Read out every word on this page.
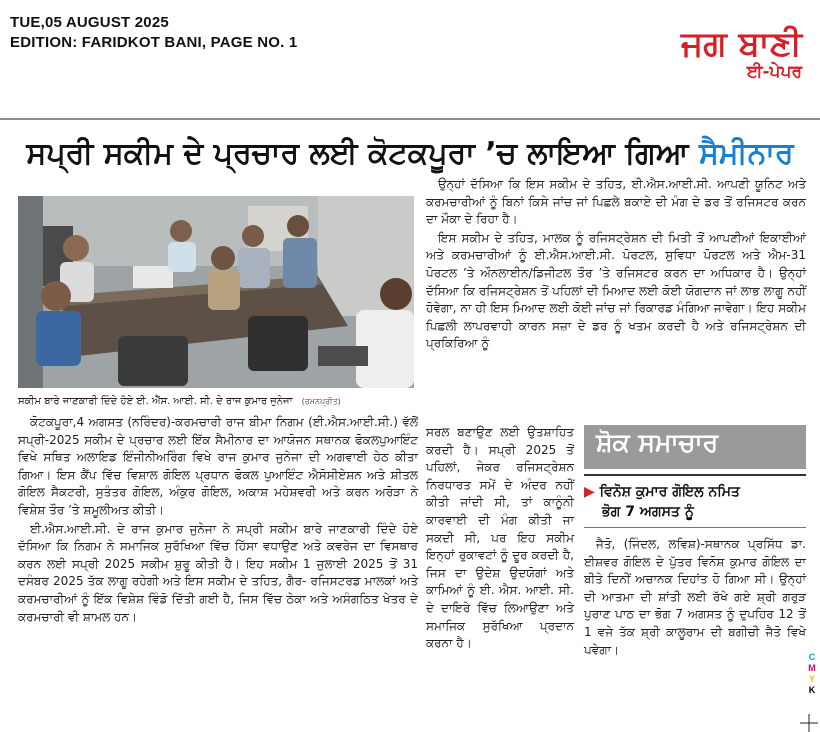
TUE,05 AUGUST 2025
EDITION: FARIDKOT BANI, PAGE NO. 1	ਜਗ ਬਾਣੀ
ਈ-ਪੇਪਰ
ਸਪ੍ਰੀ ਸਕੀਮ ਦੇ ਪ੍ਰਚਾਰ ਲਈ ਕੋਟਕਪੂਰਾ ’ਚ ਲਾਇਆ ਗਿਆ ਸੈਮੀਨਾਰ
ਸਕੀਮ ਬਾਰੇ ਜਾਣਕਾਰੀ ਦਿੰਦੇ ਹੋਏ ਈ. ਐੱਸ. ਆਈ. ਸੀ. ਦੇ ਰਾਜ ਕੁਮਾਰ ਜੁਨੇਜਾ (ਰਮਨਪ੍ਰੀਤ)

ਕੋਟਕਪੂਰਾ,4 ਅਗਸਤ (ਨਰਿੰਦਰ)-ਕਰਮਚਾਰੀ ਰਾਜ ਬੀਮਾ ਨਿਗਮ (ਈ.ਐਸ.ਆਈ.ਸੀ.) ਵੱਲੋਂ ਸਪ੍ਰੀ-2025 ਸਕੀਮ ਦੇ ਪ੍ਰਚਾਰ ਲਈ ਇੱਕ ਸੈਮੀਨਾਰ ਦਾ ਆਯੋਜਨ ਸਥਾਨਕ ਫੋਕਲਪੁਆਇੰਟ ਵਿਖੇ ਸਥਿਤ ਅਲਾਇਡ ਇੰਜੀਨੀਅਰਿੰਗ ਵਿਖੇ ਰਾਜ ਕੁਮਾਰ ਜੁਨੇਜਾ ਦੀ ਅਗਵਾਈ ਹੇਠ ਕੀਤਾ ਗਿਆ। ਇਸ ਕੈਂਪ ਵਿੱਚ ਵਿਸ਼ਾਲ ਗੋਇਲ ਪ੍ਰਧਾਨ ਫੋਕਲ ਪੁਆਇੰਟ ਐਸੋਸੀਏਸ਼ਨ ਅਤੇ ਸ਼ੀਤਲ ਗੋਇਲ ਸੈਕਟਰੀ, ਸੁਤੰਤਰ ਗੋਇਲ, ਅੰਕੁਰ ਗੋਇਲ, ਅਕਾਸ਼ ਮਹੇਸ਼ਵਰੀ ਅਤੇ ਕਰਨ ਅਰੋੜਾ ਨੇ ਵਿਸ਼ੇਸ਼ ਤੌਰ ’ਤੇ ਸ਼ਮੂਲੀਅਤ ਕੀਤੀ।

ਈ.ਐਸ.ਆਈ.ਸੀ. ਦੇ ਰਾਜ ਕੁਮਾਰ ਜੁਨੇਜਾ ਨੇ ਸਪ੍ਰੀ ਸਕੀਮ ਬਾਰੇ ਜਾਣਕਾਰੀ ਦਿੰਦੇ ਹੋਏ ਦੱਸਿਆ ਕਿ ਨਿਗਮ ਨੇ ਸਮਾਜਿਕ ਸੁਰੱਖਿਆ ਵਿੱਚ ਹਿੱਸਾ ਵਧਾਉਣ ਅਤੇ ਕਵਰੇਜ ਦਾ ਵਿਸਥਾਰ ਕਰਨ ਲਈ ਸਪ੍ਰੀ 2025 ਸਕੀਮ ਸ਼ੁਰੂ ਕੀਤੀ ਹੈ। ਇਹ ਸਕੀਮ 1 ਜੁਲਾਈ 2025 ਤੋਂ 31 ਦਸੰਬਰ 2025 ਤੱਕ ਲਾਗੂ ਰਹੇਗੀ ਅਤੇ ਇਸ ਸਕੀਮ ਦੇ ਤਹਿਤ, ਗੈਰ- ਰਜਿਸਟਰਡ ਮਾਲਕਾਂ ਅਤੇ ਕਰਮਚਾਰੀਆਂ ਨੂੰ ਇੱਕ ਵਿਸ਼ੇਸ਼ ਵਿੰਡੋ ਦਿੱਤੀ ਗਈ ਹੈ, ਜਿਸ ਵਿੱਚ ਠੇਕਾ ਅਤੇ ਅਸੰਗਠਿਤ ਖੇਤਰ ਦੇ ਕਰਮਚਾਰੀ ਵੀ ਸ਼ਾਮਲ ਹਨ।

ਉਨ੍ਹਾਂ ਦੱਸਿਆ ਕਿ ਇਸ ਸਕੀਮ ਦੇ ਤਹਿਤ, ਈ.ਐਸ.ਆਈ.ਸੀ. ਆਪਣੀ ਯੂਨਿਟ ਅਤੇ ਕਰਮਚਾਰੀਆਂ ਨੂੰ ਬਿਨਾਂ ਕਿਸੇ ਜਾਂਚ ਜਾਂ ਪਿਛਲੇ ਬਕਾਏ ਦੀ ਮੰਗ ਦੇ ਡਰ ਤੋਂ ਰਜਿਸਟਰ ਕਰਨ ਦਾ ਮੌਕਾ ਦੇ ਰਿਹਾ ਹੈ।

ਇਸ ਸਕੀਮ ਦੇ ਤਹਿਤ, ਮਾਲਕ ਨੂੰ ਰਜਿਸਟ੍ਰੇਸ਼ਨ ਦੀ ਮਿਤੀ ਤੋਂ ਆਪਣੀਆਂ ਇਕਾਈਆਂ ਅਤੇ ਕਰਮਚਾਰੀਆਂ ਨੂੰ ਈ.ਐਸ.ਆਈ.ਸੀ. ਪੋਰਟਲ, ਸੁਵਿਧਾ ਪੋਰਟਲ ਅਤੇ ਐਮ-31 ਪੋਰਟਲ ’ਤੇ ਔਨਲਾਈਨ/ਡਿਜੀਟਲ ਤੌਰ ’ਤੇ ਰਜਿਸਟਰ ਕਰਨ ਦਾ ਅਧਿਕਾਰ ਹੈ। ਉਨ੍ਹਾਂ ਦੱਸਿਆ ਕਿ ਰਜਿਸਟ੍ਰੇਸ਼ਨ ਤੋਂ ਪਹਿਲਾਂ ਦੀ ਮਿਆਦ ਲਈ ਕੋਈ ਯੋਗਦਾਨ ਜਾਂ ਲਾਭ ਲਾਗੂ ਨਹੀਂ ਹੋਵੇਗਾ, ਨਾ ਹੀ ਇਸ ਮਿਆਦ ਲਈ ਕੋਈ ਜਾਂਚ ਜਾਂ ਰਿਕਾਰਡ ਮੰਗਿਆ ਜਾਵੇਗਾ। ਇਹ ਸਕੀਮ ਪਿਛਲੀ ਲਾਪਰਵਾਹੀ ਕਾਰਨ ਸਜ਼ਾ ਦੇ ਡਰ ਨੂੰ ਖਤਮ ਕਰਦੀ ਹੈ ਅਤੇ ਰਜਿਸਟ੍ਰੇਸ਼ਨ ਦੀ ਪ੍ਰਕਿਰਿਆ ਨੂੰ

ਸਰਲ ਬਣਾਉਣ ਲਈ ਉਤਸ਼ਾਹਿਤ ਕਰਦੀ ਹੈ। ਸਪ੍ਰੀ 2025 ਤੋਂ ਪਹਿਲਾਂ, ਜੇਕਰ ਰਜਿਸਟ੍ਰੇਸ਼ਨ ਨਿਰਧਾਰਤ ਸਮੇਂ ਦੇ ਅੰਦਰ ਨਹੀਂ ਕੀਤੀ ਜਾਂਦੀ ਸੀ, ਤਾਂ ਕਾਨੂੰਨੀ ਕਾਰਵਾਈ ਦੀ ਮੰਗ ਕੀਤੀ ਜਾ ਸਕਦੀ ਸੀ, ਪਰ ਇਹ ਸਕੀਮ ਇਨ੍ਹਾਂ ਰੁਕਾਵਟਾਂ ਨੂੰ ਦੂਰ ਕਰਦੀ ਹੈ, ਜਿਸ ਦਾ ਉਦੇਸ਼ ਉਦਯੋਗਾਂ ਅਤੇ ਕਾਮਿਆਂ ਨੂੰ ਈ. ਐਸ. ਆਈ. ਸੀ. ਦੇ ਦਾਇਰੇ ਵਿੱਚ ਲਿਆਉਣਾ ਅਤੇ ਸਮਾਜਿਕ ਸੁਰੱਖਿਆ ਪ੍ਰਦਾਨ ਕਰਨਾ ਹੈ।

ਸ਼ੋਕ ਸਮਾਚਾਰ
▶ ਵਿਨੋਸ਼ ਕੁਮਾਰ ਗੋਇਲ ਨਮਿਤ
ਭੋਗ 7 ਅਗਸਤ ਨੂੰ

ਜੈਤੋ, (ਜਿੰਦਲ, ਲਵਿਸ਼)-ਸਥਾਨਕ ਪ੍ਰਸਿੱਧ ਡਾ. ਈਸ਼ਵਰ ਗੋਇਲ ਦੇ ਪੁੱਤਰ ਵਿਨੋਸ਼ ਕੁਮਾਰ ਗੋਇਲ ਦਾ ਬੀਤੇ ਦਿਨੀਂ ਅਚਾਨਕ ਦਿਹਾਂਤ ਹੋ ਗਿਆ ਸੀ। ਉਨ੍ਹਾਂ ਦੀ ਆਤਮਾ ਦੀ ਸ਼ਾਂਤੀ ਲਈ ਰੱਖੇ ਗਏ ਸ਼੍ਰੀ ਗਰੁੜ ਪੁਰਾਣ ਪਾਠ ਦਾ ਭੋਗ 7 ਅਗਸਤ ਨੂੰ ਦੁਪਹਿਰ 12 ਤੋਂ 1 ਵਜੇ ਤੱਕ ਸ਼੍ਰੀ ਕਾਲੂਰਾਮ ਦੀ ਬਗੀਚੀ ਜੈਤੋ ਵਿਖੇ ਪਵੇਗਾ।

C
M
Y
K
